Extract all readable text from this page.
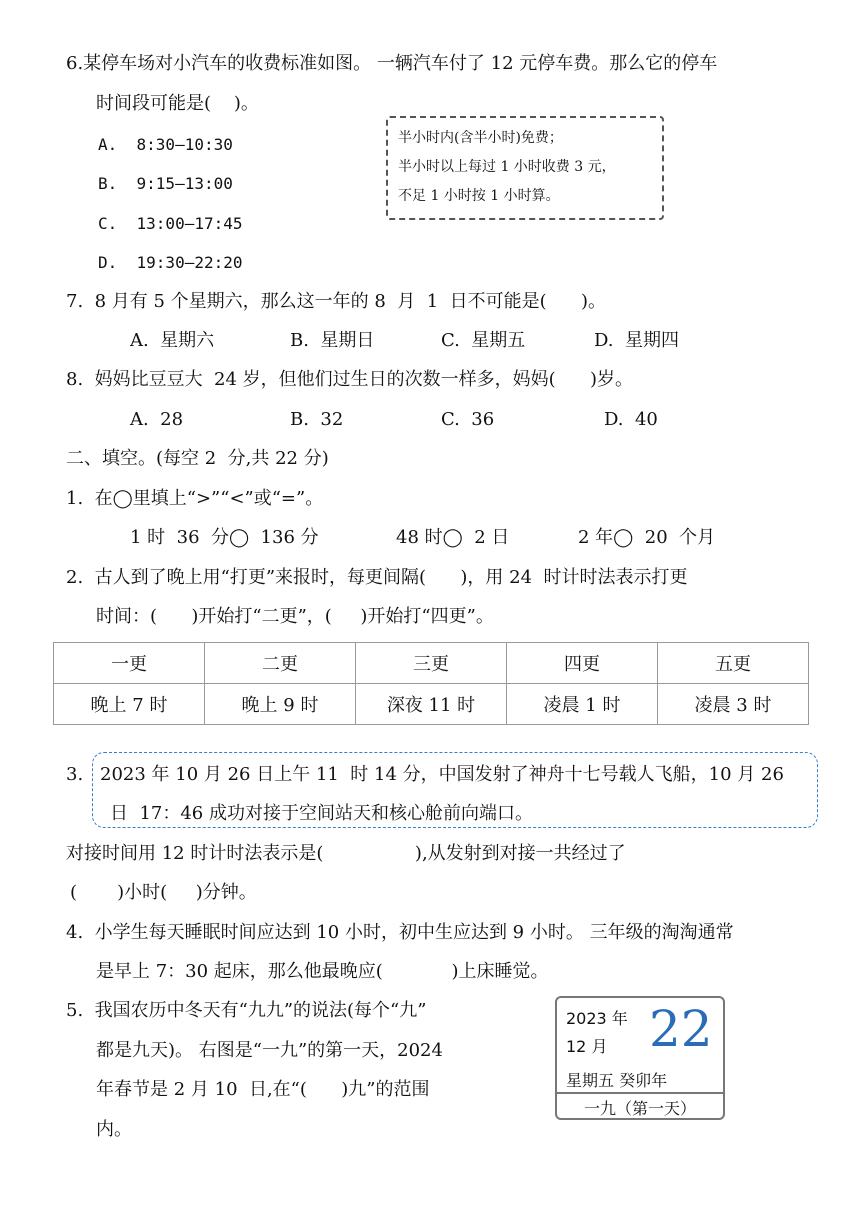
6.某停车场对小汽车的收费标准如图。 一辆汽车付了 12 元停车费。那么它的停车
时间段可能是(    )。
A.  8:30—10:30
B.  9:15—13:00
C.  13:00—17:45
D.  19:30—22:20
半小时内(含半小时)免费；
半小时以上每过 1 小时收费 3 元，
不足 1 小时按 1 小时算。
7.  8 月有 5 个星期六，那么这一年的 8  月  1  日不可能是(      )。
A.  星期六	B.  星期日	C.  星期五	D.  星期四
8.  妈妈比豆豆大  24 岁，但他们过生日的次数一样多，妈妈(      )岁。
A.  28	B.  32	C.  36	D.  40
二、填空。(每空 2  分,共 22 分)
1.  在◯里填上“>”“<”或“=”。
1 时  36  分◯  136 分	48 时◯  2 日	2 年◯  20  个月
2.  古人到了晚上用“打更”来报时，每更间隔(      )，用 24  时计时法表示打更
时间：(      )开始打“二更”，(     )开始打“四更”。
一更	二更	三更	四更	五更
晚上 7 时	晚上 9 时	深夜 11 时	凌晨 1 时	凌晨 3 时
3. 2023 年 10 月 26 日上午 11  时 14 分，中国发射了神舟十七号载人飞船，10 月 26
日  17：46 成功对接于空间站天和核心舱前向端口。
对接时间用 12 时计时法表示是(                ),从发射到对接一共经过了
(       )小时(     )分钟。
4.  小学生每天睡眠时间应达到 10 小时，初中生应达到 9 小时。 三年级的淘淘通常
是早上 7：30 起床，那么他最晚应(            )上床睡觉。
5.  我国农历中冬天有“九九”的说法(每个“九”
都是九天)。 右图是“一九”的第一天，2024
年春节是 2 月 10  日,在“(      )九”的范围
内。
2023 年
12 月 22
星期五 癸卯年
一九（第一天）
